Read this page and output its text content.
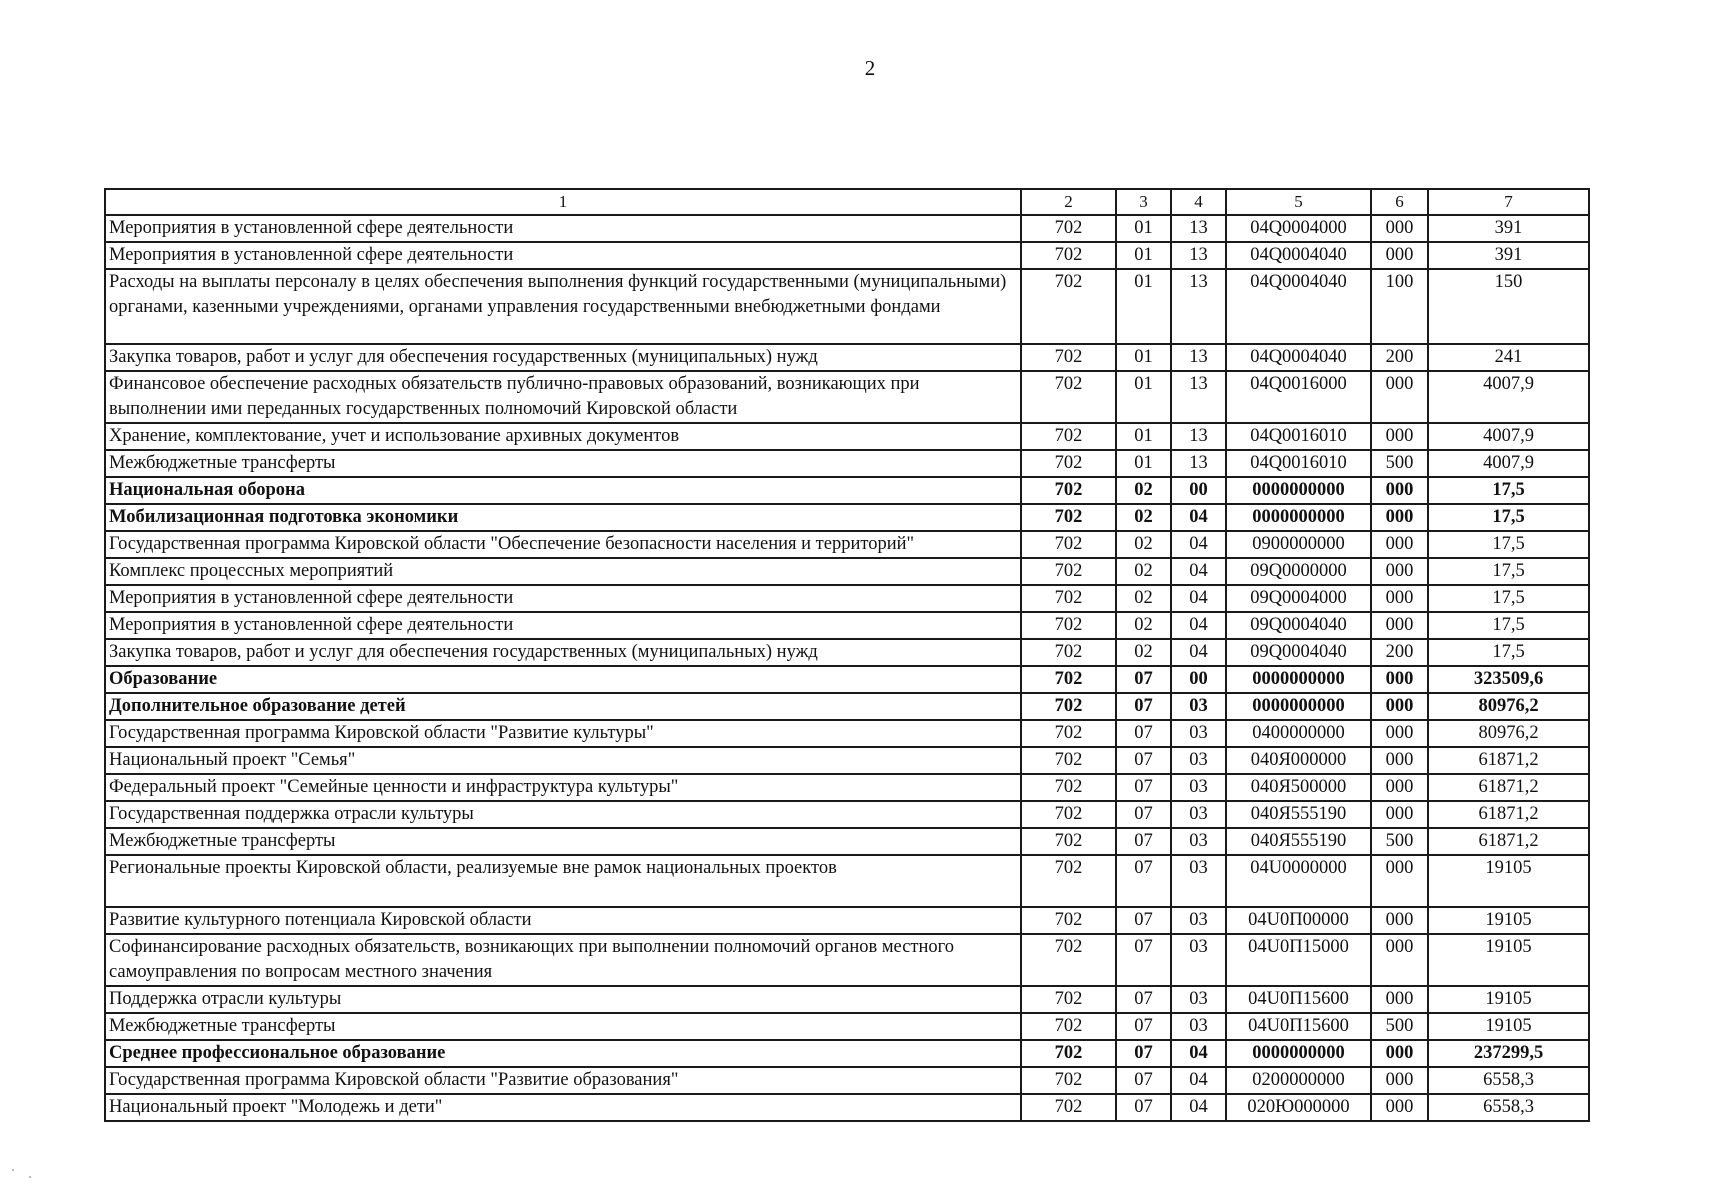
2
1	2	3	4	5	6	7
Мероприятия в установленной сфере деятельности	702	01	13	04Q0004000	000	391
Мероприятия в установленной сфере деятельности	702	01	13	04Q0004040	000	391
Расходы на выплаты персоналу в целях обеспечения выполнения функций государственными (муниципальными) органами, казенными учреждениями, органами управления государственными внебюджетными фондами	702	01	13	04Q0004040	100	150
Закупка товаров, работ и услуг для обеспечения государственных (муниципальных) нужд	702	01	13	04Q0004040	200	241
Финансовое обеспечение расходных обязательств публично-правовых образований, возникающих при выполнении ими переданных государственных полномочий Кировской области	702	01	13	04Q0016000	000	4007,9
Хранение, комплектование, учет и использование архивных документов	702	01	13	04Q0016010	000	4007,9
Межбюджетные трансферты	702	01	13	04Q0016010	500	4007,9
Национальная оборона	702	02	00	0000000000	000	17,5
Мобилизационная подготовка экономики	702	02	04	0000000000	000	17,5
Государственная программа Кировской области "Обеспечение безопасности населения и территорий"	702	02	04	0900000000	000	17,5
Комплекс процессных мероприятий	702	02	04	09Q0000000	000	17,5
Мероприятия в установленной сфере деятельности	702	02	04	09Q0004000	000	17,5
Мероприятия в установленной сфере деятельности	702	02	04	09Q0004040	000	17,5
Закупка товаров, работ и услуг для обеспечения государственных (муниципальных) нужд	702	02	04	09Q0004040	200	17,5
Образование	702	07	00	0000000000	000	323509,6
Дополнительное образование детей	702	07	03	0000000000	000	80976,2
Государственная программа Кировской области "Развитие культуры"	702	07	03	0400000000	000	80976,2
Национальный проект "Семья"	702	07	03	040Я000000	000	61871,2
Федеральный проект "Семейные ценности и инфраструктура культуры"	702	07	03	040Я500000	000	61871,2
Государственная поддержка отрасли культуры	702	07	03	040Я555190	000	61871,2
Межбюджетные трансферты	702	07	03	040Я555190	500	61871,2
Региональные проекты Кировской области, реализуемые вне рамок национальных проектов	702	07	03	04U0000000	000	19105
Развитие культурного потенциала Кировской области	702	07	03	04U0П00000	000	19105
Софинансирование расходных обязательств, возникающих при выполнении полномочий органов местного самоуправления по вопросам местного значения	702	07	03	04U0П15000	000	19105
Поддержка отрасли культуры	702	07	03	04U0П15600	000	19105
Межбюджетные трансферты	702	07	03	04U0П15600	500	19105
Среднее профессиональное образование	702	07	04	0000000000	000	237299,5
Государственная программа Кировской области "Развитие образования"	702	07	04	0200000000	000	6558,3
Национальный проект "Молодежь и дети"	702	07	04	020Ю000000	000	6558,3
